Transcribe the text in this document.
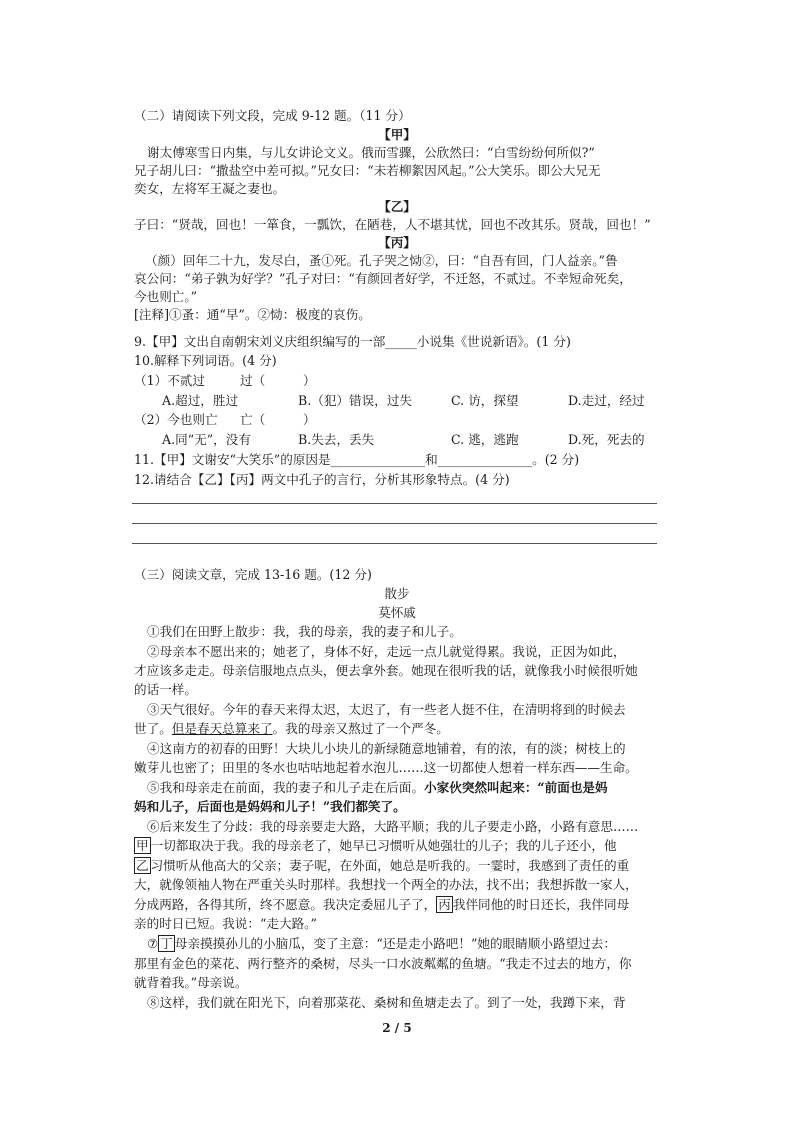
（二）请阅读下列文段，完成 9-12 题。（11 分）
【甲】
谢太傅寒雪日内集，与儿女讲论文义。俄而雪骤，公欣然曰：“白雪纷纷何所似?”
兄子胡儿曰：“撒盐空中差可拟。”兄女曰：“未若柳絮因风起。”公大笑乐。即公大兄无
奕女，左将军王凝之妻也。
【乙】
子曰：“贤哉，回也！一箪食，一瓢饮，在陋巷，人不堪其忧，回也不改其乐。贤哉，回也！”
【丙】
（颜）回年二十九，发尽白，蚤①死。孔子哭之恸②，曰：“自吾有回，门人益亲。”鲁
哀公问：“弟子孰为好学？”孔子对曰：“有颜回者好学，不迁怒，不贰过。不幸短命死矣，
今也则亡。”
[注释]①蚤：通“早”。②恸：极度的哀伤。
9.【甲】文出自南朝宋刘义庆组织编写的一部_____小说集《世说新语》。(1 分)
10.解释下列词语。(4 分)
（1）不贰过	过（　　　）
A.超过，胜过	B.（犯）错误，过失	C. 访，探望	D.走过，经过
（2）今也则亡 亡（　　　）
A.同“无”，没有	B.失去，丢失	C. 逃，逃跑	D.死，死去的
11.【甲】文谢安“大笑乐”的原因是_______________和_______________。(2 分)
12.请结合【乙】【丙】两文中孔子的言行，分析其形象特点。(4 分)
（三）阅读文章，完成 13-16 题。(12 分)
散步
莫怀戚
①我们在田野上散步：我，我的母亲，我的妻子和儿子。
②母亲本不愿出来的；她老了，身体不好，走远一点儿就觉得累。我说，正因为如此，
才应该多走走。母亲信服地点点头，便去拿外套。她现在很听我的话，就像我小时候很听她
的话一样。
③天气很好。今年的春天来得太迟，太迟了，有一些老人挺不住，在清明将到的时候去
世了。但是春天总算来了。我的母亲又熬过了一个严冬。
④这南方的初春的田野！大块儿小块儿的新绿随意地铺着，有的浓，有的淡；树枝上的
嫩芽儿也密了；田里的冬水也咕咕地起着水泡儿……这一切都使人想着一样东西——生命。
⑤我和母亲走在前面，我的妻子和儿子走在后面。小家伙突然叫起来：“前面也是妈
妈和儿子，后面也是妈妈和儿子！”我们都笑了。
⑥后来发生了分歧：我的母亲要走大路，大路平顺；我的儿子要走小路，小路有意思……
甲 一切都取决于我。我的母亲老了，她早已习惯听从她强壮的儿子；我的儿子还小，他
乙 习惯听从他高大的父亲；妻子呢，在外面，她总是听我的。一霎时，我感到了责任的重
大，就像领袖人物在严重关头时那样。我想找一个两全的办法，找不出；我想拆散一家人，
分成两路，各得其所，终不愿意。我决定委屈儿子了， 丙 我伴同他的时日还长，我伴同母
亲的时日已短。我说：“走大路。”
⑦ 丁 母亲摸摸孙儿的小脑瓜，变了主意：“还是走小路吧！”她的眼睛顺小路望过去：
那里有金色的菜花、两行整齐的桑树，尽头一口水波粼粼的鱼塘。“我走不过去的地方，你
就背着我。”母亲说。
⑧这样，我们就在阳光下，向着那菜花、桑树和鱼塘走去了。到了一处，我蹲下来，背
2 / 5
